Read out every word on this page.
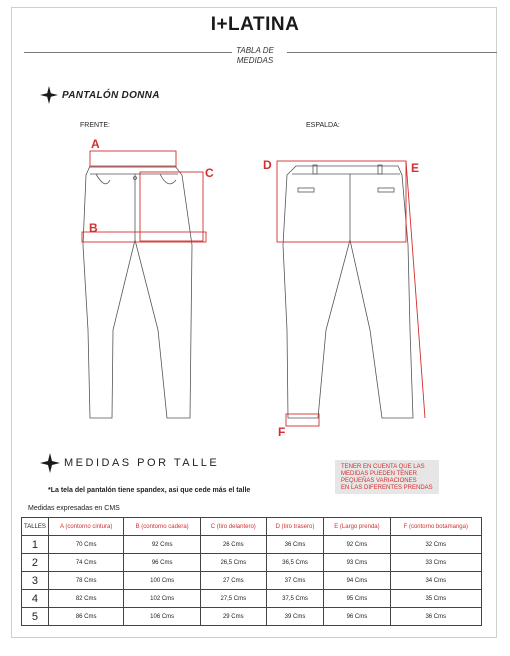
I+LATINA
TABLA DE
MEDIDAS
PANTALÓN DONNA
FRENTE:	ESPALDA:
A
C
B
D	E
F
MEDIDAS POR TALLE	TENER EN CUENTA QUE LAS
MEDIDAS PUEDEN TENER
PEQUEÑAS VARIACIONES
EN LAS DIFERENTES PRENDAS
*La tela del pantalón tiene spandex, asi que cede más el talle
Medidas expresadas en CMS
TALLES	A (contorno cintura)	B (contorno cadera)	C (tiro delantero)	D (tiro trasero)	E (Largo prenda)	F (contorno botamanga)
1	70 Cms	92 Cms	26 Cms	36 Cms	92 Cms	32 Cms
2	74 Cms	96 Cms	26,5 Cms	36,5 Cms	93 Cms	33 Cms
3	78 Cms	100 Cms	27 Cms	37 Cms	94 Cms	34 Cms
4	82 Cms	102 Cms	27,5 Cms	37,5 Cms	95 Cms	35 Cms
5	86 Cms	106 Cms	29 Cms	39 Cms	96 Cms	36 Cms
